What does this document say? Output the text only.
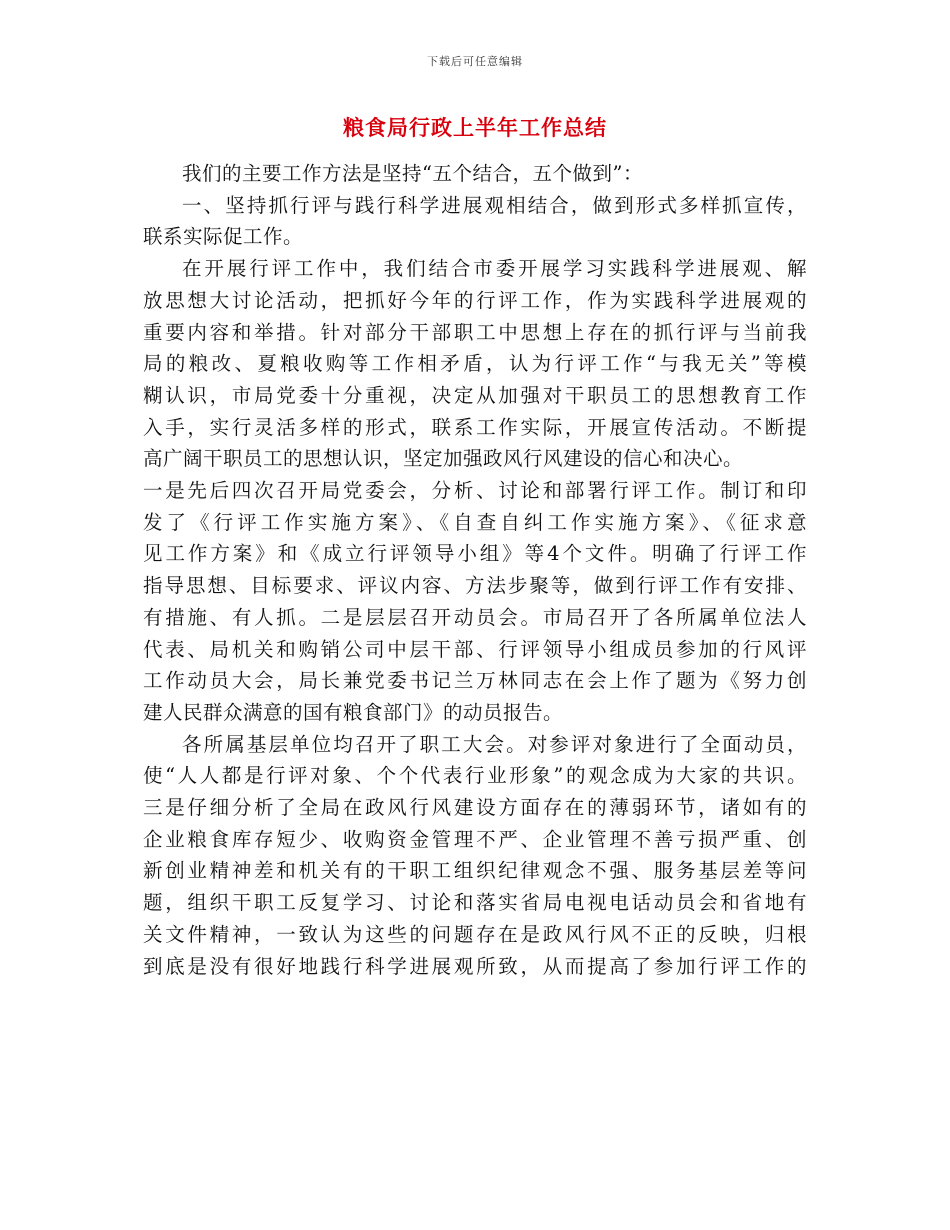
下载后可任意编辑
粮食局行政上半年工作总结
我们的主要工作方法是坚持“五个结合，五个做到”：
一、坚持抓行评与践行科学进展观相结合，做到形式多样抓宣传，
联系实际促工作。
在开展行评工作中，我们结合市委开展学习实践科学进展观、解
放思想大讨论活动，把抓好今年的行评工作，作为实践科学进展观的
重要内容和举措。针对部分干部职工中思想上存在的抓行评与当前我
局的粮改、夏粮收购等工作相矛盾，认为行评工作“与我无关”等模
糊认识，市局党委十分重视，决定从加强对干职员工的思想教育工作
入手，实行灵活多样的形式，联系工作实际，开展宣传活动。不断提
高广阔干职员工的思想认识，坚定加强政风行风建设的信心和决心。
一是先后四次召开局党委会，分析、讨论和部署行评工作。制订和印
发了《行评工作实施方案》、《自查自纠工作实施方案》、《征求意
见工作方案》和《成立行评领导小组》等4个文件。明确了行评工作
指导思想、目标要求、评议内容、方法步聚等，做到行评工作有安排、
有措施、有人抓。二是层层召开动员会。市局召开了各所属单位法人
代表、局机关和购销公司中层干部、行评领导小组成员参加的行风评
工作动员大会，局长兼党委书记兰万林同志在会上作了题为《努力创
建人民群众满意的国有粮食部门》的动员报告。
各所属基层单位均召开了职工大会。对参评对象进行了全面动员，
使“人人都是行评对象、个个代表行业形象”的观念成为大家的共识。
三是仔细分析了全局在政风行风建设方面存在的薄弱环节，诸如有的
企业粮食库存短少、收购资金管理不严、企业管理不善亏损严重、创
新创业精神差和机关有的干职工组织纪律观念不强、服务基层差等问
题，组织干职工反复学习、讨论和落实省局电视电话动员会和省地有
关文件精神，一致认为这些的问题存在是政风行风不正的反映，归根
到底是没有很好地践行科学进展观所致，从而提高了参加行评工作的
